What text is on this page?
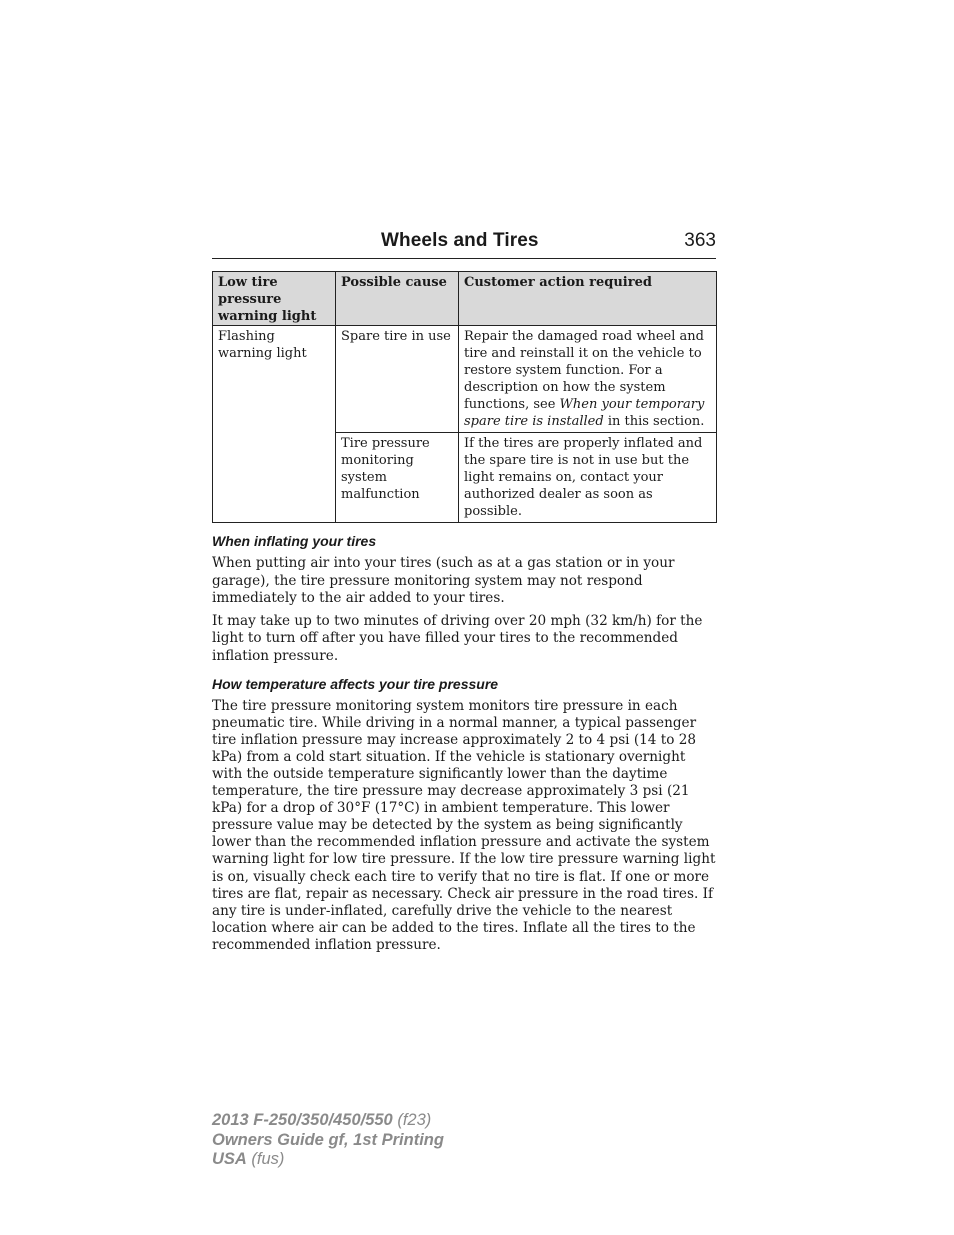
Wheels and Tires	363
Low tire pressure warning light	Possible cause	Customer action required
Flashing warning light	Spare tire in use	Repair the damaged road wheel and tire and reinstall it on the vehicle to restore system function. For a description on how the system functions, see When your temporary spare tire is installed in this section.
	Tire pressure monitoring system malfunction	If the tires are properly inflated and the spare tire is not in use but the light remains on, contact your authorized dealer as soon as possible.
When inflating your tires

When putting air into your tires (such as at a gas station or in your garage), the tire pressure monitoring system may not respond immediately to the air added to your tires.

It may take up to two minutes of driving over 20 mph (32 km/h) for the light to turn off after you have filled your tires to the recommended inflation pressure.

How temperature affects your tire pressure

The tire pressure monitoring system monitors tire pressure in each pneumatic tire. While driving in a normal manner, a typical passenger tire inflation pressure may increase approximately 2 to 4 psi (14 to 28 kPa) from a cold start situation. If the vehicle is stationary overnight with the outside temperature significantly lower than the daytime temperature, the tire pressure may decrease approximately 3 psi (21 kPa) for a drop of 30°F (17°C) in ambient temperature. This lower pressure value may be detected by the system as being significantly lower than the recommended inflation pressure and activate the system warning light for low tire pressure. If the low tire pressure warning light is on, visually check each tire to verify that no tire is flat. If one or more tires are flat, repair as necessary. Check air pressure in the road tires. If any tire is under-inflated, carefully drive the vehicle to the nearest location where air can be added to the tires. Inflate all the tires to the recommended inflation pressure.

2013 F-250/350/450/550 (f23)
Owners Guide gf, 1st Printing
USA (fus)
